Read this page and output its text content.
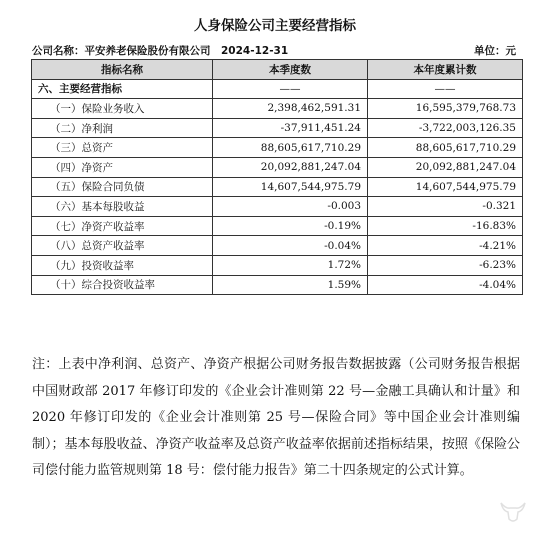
人身保险公司主要经营指标
公司名称：平安养老保险股份有限公司　2024-12-31	单位：元
指标名称	本季度数	本年度累计数
六、主要经营指标	——	——
（一）保险业务收入	2,398,462,591.31	16,595,379,768.73
（二）净利润	-37,911,451.24	-3,722,003,126.35
（三）总资产	88,605,617,710.29	88,605,617,710.29
（四）净资产	20,092,881,247.04	20,092,881,247.04
（五）保险合同负债	14,607,544,975.79	14,607,544,975.79
（六）基本每股收益	-0.003	-0.321
（七）净资产收益率	-0.19%	-16.83%
（八）总资产收益率	-0.04%	-4.21%
（九）投资收益率	1.72%	-6.23%
（十）综合投资收益率	1.59%	-4.04%
注：上表中净利润、总资产、净资产根据公司财务报告数据披露（公司财务报告根据中国财政部 2017 年修订印发的《企业会计准则第 22 号—金融工具确认和计量》和 2020 年修订印发的《企业会计准则第 25 号—保险合同》等中国企业会计准则编制）；基本每股收益、净资产收益率及总资产收益率依据前述指标结果，按照《保险公司偿付能力监管规则第 18 号：偿付能力报告》第二十四条规定的公式计算。
